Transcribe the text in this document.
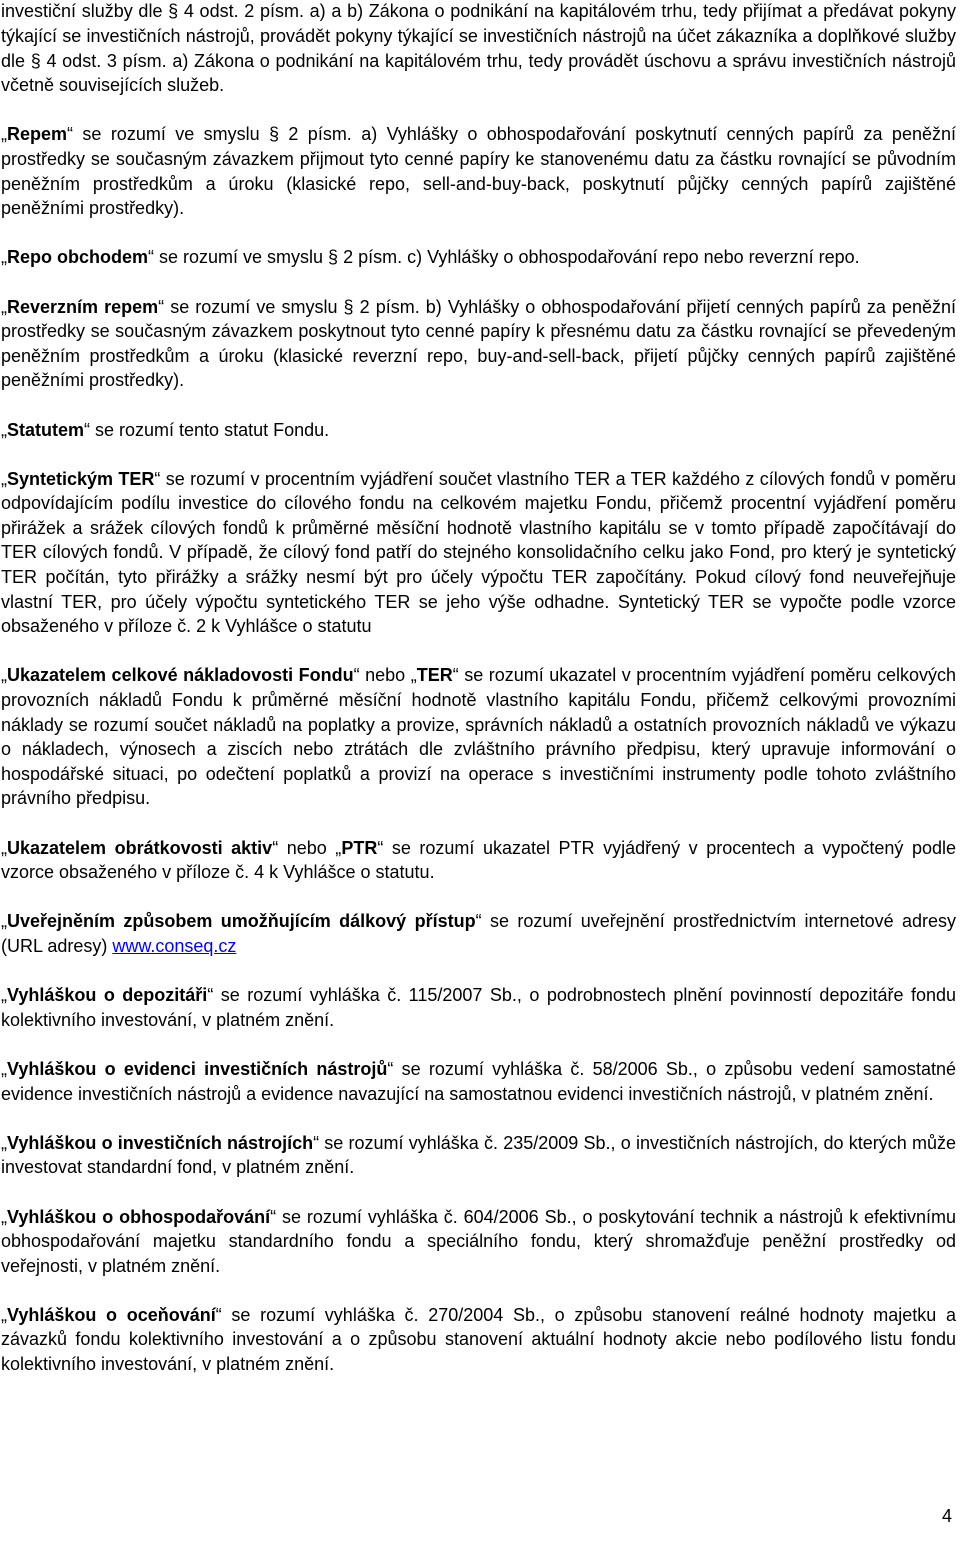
investiční služby dle § 4 odst. 2 písm. a) a b) Zákona o podnikání na kapitálovém trhu, tedy přijímat a předávat pokyny týkající se investičních nástrojů, provádět pokyny týkající se investičních nástrojů na účet zákazníka a doplňkové služby dle § 4 odst. 3 písm. a) Zákona o podnikání na kapitálovém trhu, tedy provádět úschovu a správu investičních nástrojů včetně souvisejících služeb.

„Repem“ se rozumí ve smyslu § 2 písm. a) Vyhlášky o obhospodařování poskytnutí cenných papírů za peněžní prostředky se současným závazkem přijmout tyto cenné papíry ke stanovenému datu za částku rovnající se původním peněžním prostředkům a úroku (klasické repo, sell-and-buy-back, poskytnutí půjčky cenných papírů zajištěné peněžními prostředky).

„Repo obchodem“ se rozumí ve smyslu § 2 písm. c) Vyhlášky o obhospodařování repo nebo reverzní repo.

„Reverzním repem“ se rozumí ve smyslu § 2 písm. b) Vyhlášky o obhospodařování přijetí cenných papírů za peněžní prostředky se současným závazkem poskytnout tyto cenné papíry k přesnému datu za částku rovnající se převedeným peněžním prostředkům a úroku (klasické reverzní repo, buy-and-sell-back, přijetí půjčky cenných papírů zajištěné peněžními prostředky).

„Statutem“ se rozumí tento statut Fondu.

„Syntetickým TER“ se rozumí v procentním vyjádření součet vlastního TER a TER každého z cílových fondů v poměru odpovídajícím podílu investice do cílového fondu na celkovém majetku Fondu, přičemž procentní vyjádření poměru přirážek a srážek cílových fondů k průměrné měsíční hodnotě vlastního kapitálu se v tomto případě započítávají do TER cílových fondů. V případě, že cílový fond patří do stejného konsolidačního celku jako Fond, pro který je syntetický TER počítán, tyto přirážky a srážky nesmí být pro účely výpočtu TER započítány. Pokud cílový fond neuveřejňuje vlastní TER, pro účely výpočtu syntetického TER se jeho výše odhadne. Syntetický TER se vypočte podle vzorce obsaženého v příloze č. 2 k Vyhlášce o statutu

„Ukazatelem celkové nákladovosti Fondu“ nebo „TER“ se rozumí ukazatel v procentním vyjádření poměru celkových provozních nákladů Fondu k průměrné měsíční hodnotě vlastního kapitálu Fondu, přičemž celkovými provozními náklady se rozumí součet nákladů na poplatky a provize, správních nákladů a ostatních provozních nákladů ve výkazu o nákladech, výnosech a ziscích nebo ztrátách dle zvláštního právního předpisu, který upravuje informování o hospodářské situaci, po odečtení poplatků a provizí na operace s investičními instrumenty podle tohoto zvláštního právního předpisu.

„Ukazatelem obrátkovosti aktiv“ nebo „PTR“ se rozumí ukazatel PTR vyjádřený v procentech a vypočtený podle vzorce obsaženého v příloze č. 4 k Vyhlášce o statutu.

„Uveřejněním způsobem umožňujícím dálkový přístup“ se rozumí uveřejnění prostřednictvím internetové adresy (URL adresy) www.conseq.cz

„Vyhláškou o depozitáři“ se rozumí vyhláška č. 115/2007 Sb., o podrobnostech plnění povinností depozitáře fondu kolektivního investování, v platném znění.

„Vyhláškou o evidenci investičních nástrojů“ se rozumí vyhláška č. 58/2006 Sb., o způsobu vedení samostatné evidence investičních nástrojů a evidence navazující na samostatnou evidenci investičních nástrojů, v platném znění.

„Vyhláškou o investičních nástrojích“ se rozumí vyhláška č. 235/2009 Sb., o investičních nástrojích, do kterých může investovat standardní fond, v platném znění.

„Vyhláškou o obhospodařování“ se rozumí vyhláška č. 604/2006 Sb., o poskytování technik a nástrojů k efektivnímu obhospodařování majetku standardního fondu a speciálního fondu, který shromažďuje peněžní prostředky od veřejnosti, v platném znění.

„Vyhláškou o oceňování“ se rozumí vyhláška č. 270/2004 Sb., o způsobu stanovení reálné hodnoty majetku a závazků fondu kolektivního investování a o způsobu stanovení aktuální hodnoty akcie nebo podílového listu fondu kolektivního investování, v platném znění.

4
